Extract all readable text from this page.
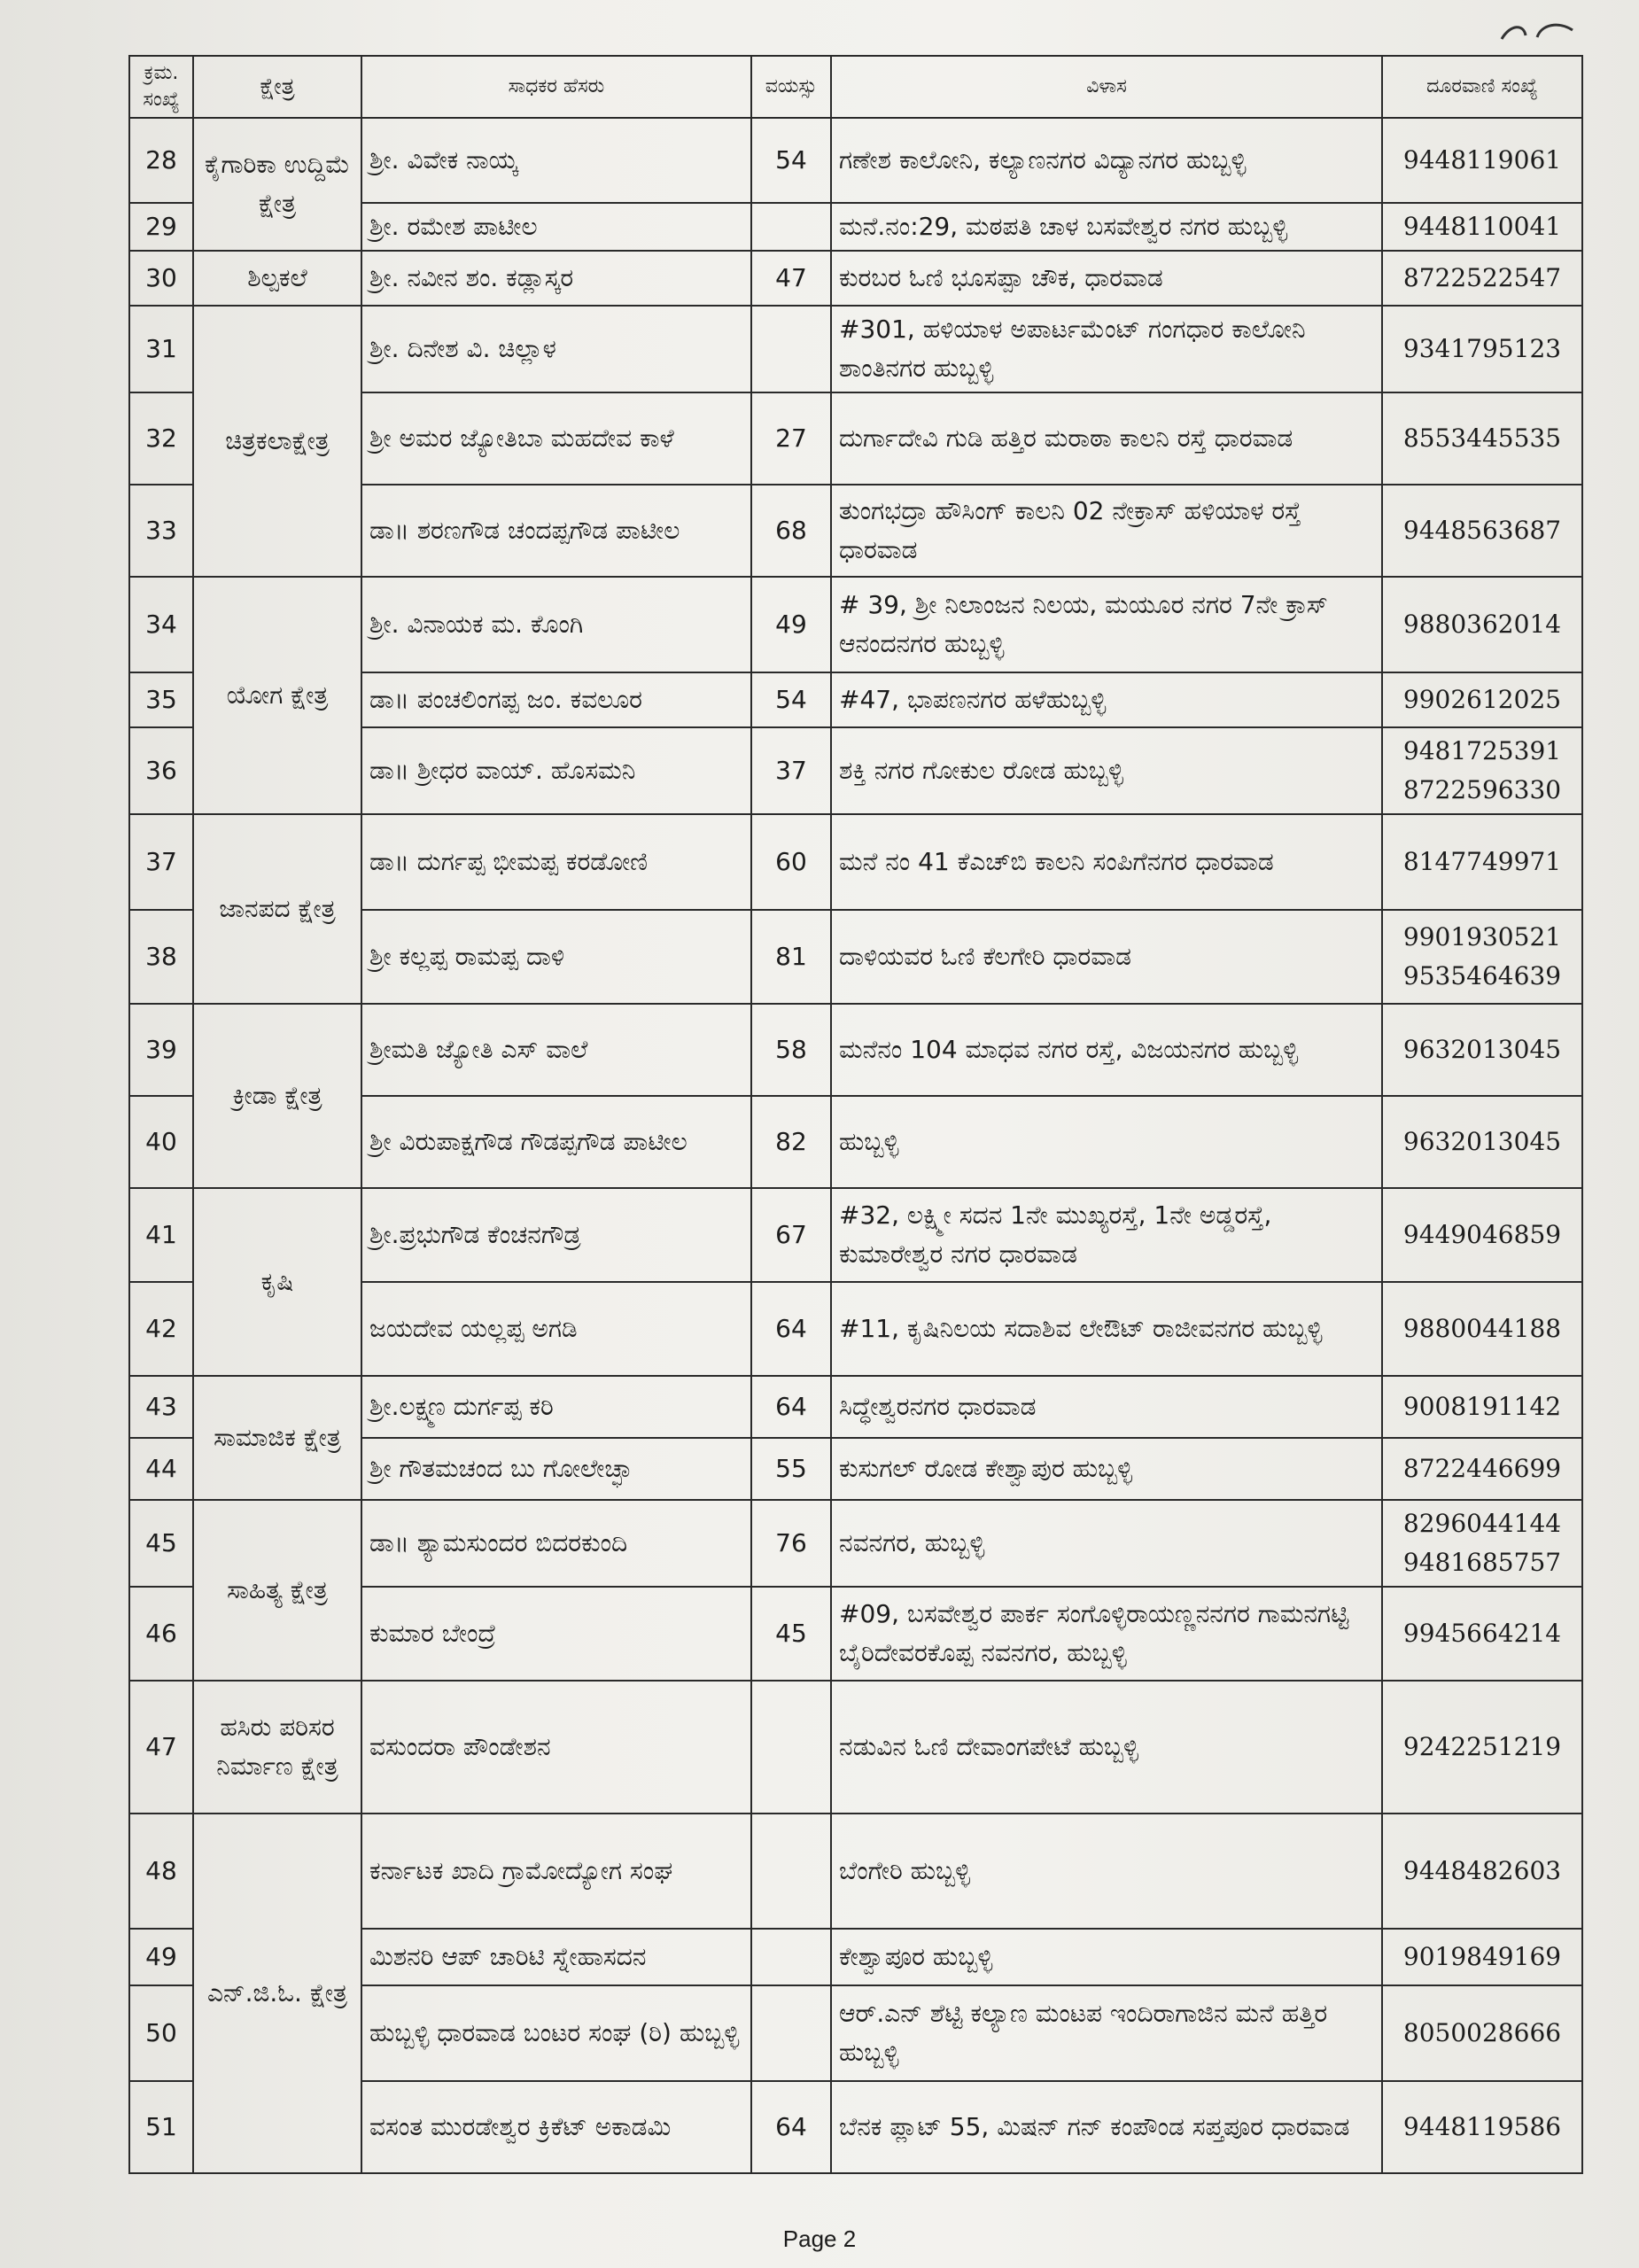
ಕ್ರಮ. ಸಂಖ್ಯೆ	ಕ್ಷೇತ್ರ	ಸಾಧಕರ ಹೆಸರು	ವಯಸ್ಸು	ವಿಳಾಸ	ದೂರವಾಣಿ ಸಂಖ್ಯೆ
28	ಕೈಗಾರಿಕಾ ಉದ್ದಿಮೆ ಕ್ಷೇತ್ರ	ಶ್ರೀ. ವಿವೇಕ ನಾಯ್ಕ	54	ಗಣೇಶ ಕಾಲೋನಿ, ಕಲ್ಯಾಣನಗರ ವಿದ್ಯಾನಗರ ಹುಬ್ಬಳ್ಳಿ	9448119061

29		ಶ್ರೀ. ರಮೇಶ ಪಾಟೀಲ		ಮನೆ.ನಂ:29, ಮಠಪತಿ ಚಾಳ ಬಸವೇಶ್ವರ ನಗರ ಹುಬ್ಬಳ್ಳಿ	9448110041

30	ಶಿಲ್ಪಕಲೆ	ಶ್ರೀ. ನವೀನ ಶಂ. ಕಡ್ಲಾಸ್ಕರ	47	ಕುರಬರ ಓಣಿ ಭೂಸಪ್ಪಾ ಚೌಕ, ಧಾರವಾಡ	8722522547

31	ಚಿತ್ರಕಲಾಕ್ಷೇತ್ರ	ಶ್ರೀ. ದಿನೇಶ ವಿ. ಚಿಲ್ಲಾಳ		#301, ಹಳಿಯಾಳ ಅಪಾರ್ಟಮೆಂಟ್ ಗಂಗಧಾರ ಕಾಲೋನಿ ಶಾಂತಿನಗರ ಹುಬ್ಬಳ್ಳಿ	9341795123

32		ಶ್ರೀ ಅಮರ ಜ್ಯೋತಿಬಾ ಮಹದೇವ ಕಾಳೆ	27	ದುರ್ಗಾದೇವಿ ಗುಡಿ ಹತ್ತಿರ ಮರಾಠಾ ಕಾಲನಿ ರಸ್ತೆ ಧಾರವಾಡ	8553445535

33		ಡಾ॥ ಶರಣಗೌಡ ಚಂದಪ್ಪಗೌಡ ಪಾಟೀಲ	68	ತುಂಗಭದ್ರಾ ಹೌಸಿಂಗ್ ಕಾಲನಿ 02 ನೇಕ್ರಾಸ್ ಹಳಿಯಾಳ ರಸ್ತೆ ಧಾರವಾಡ	9448563687

34	ಯೋಗ ಕ್ಷೇತ್ರ	ಶ್ರೀ. ವಿನಾಯಕ ಮ. ಕೊಂಗಿ	49	# 39, ಶ್ರೀ ನಿಲಾಂಜನ ನಿಲಯ, ಮಯೂರ ನಗರ 7ನೇ ಕ್ರಾಸ್ ಆನಂದನಗರ ಹುಬ್ಬಳ್ಳಿ	9880362014

35		ಡಾ॥ ಪಂಚಲಿಂಗಪ್ಪ ಜಂ. ಕವಲೂರ	54	#47, ಭಾಪಣನಗರ ಹಳೆಹುಬ್ಬಳ್ಳಿ	9902612025

36		ಡಾ॥ ಶ್ರೀಧರ ವಾಯ್. ಹೊಸಮನಿ	37	ಶಕ್ತಿ ನಗರ ಗೋಕುಲ ರೋಡ ಹುಬ್ಬಳ್ಳಿ	9481725391
8722596330

37	ಜಾನಪದ ಕ್ಷೇತ್ರ	ಡಾ॥ ದುರ್ಗಪ್ಪ ಭೀಮಪ್ಪ ಕರಡೋಣಿ	60	ಮನೆ ನಂ 41 ಕೆಎಚ್‌ಬಿ ಕಾಲನಿ ಸಂಪಿಗೆನಗರ ಧಾರವಾಡ	8147749971

38		ಶ್ರೀ ಕಲ್ಲಪ್ಪ ರಾಮಪ್ಪ ದಾಳಿ	81	ದಾಳಿಯವರ ಓಣಿ ಕೆಲಗೇರಿ ಧಾರವಾಡ	9901930521
9535464639

39	ಕ್ರೀಡಾ ಕ್ಷೇತ್ರ	ಶ್ರೀಮತಿ ಜ್ಯೋತಿ ಎಸ್ ವಾಲೆ	58	ಮನೆನಂ 104 ಮಾಧವ ನಗರ ರಸ್ತೆ, ವಿಜಯನಗರ ಹುಬ್ಬಳ್ಳಿ	9632013045

40		ಶ್ರೀ ವಿರುಪಾಕ್ಷಗೌಡ ಗೌಡಪ್ಪಗೌಡ ಪಾಟೀಲ	82	ಹುಬ್ಬಳ್ಳಿ	9632013045

41	ಕೃಷಿ	ಶ್ರೀ.ಪ್ರಭುಗೌಡ ಕೆಂಚನಗೌಡ್ರ	67	#32, ಲಕ್ಷ್ಮೀ ಸದನ 1ನೇ ಮುಖ್ಯರಸ್ತೆ, 1ನೇ ಅಡ್ಡರಸ್ತೆ, ಕುಮಾರೇಶ್ವರ ನಗರ ಧಾರವಾಡ	9449046859

42		ಜಯದೇವ ಯಲ್ಲಪ್ಪ ಅಗಡಿ	64	#11, ಕೃಷಿನಿಲಯ ಸದಾಶಿವ ಲೇಔಟ್ ರಾಜೀವನಗರ ಹುಬ್ಬಳ್ಳಿ	9880044188

43	ಸಾಮಾಜಿಕ ಕ್ಷೇತ್ರ	ಶ್ರೀ.ಲಕ್ಷ್ಮಣ ದುರ್ಗಪ್ಪ ಕರಿ	64	ಸಿದ್ಧೇಶ್ವರನಗರ ಧಾರವಾಡ	9008191142

44		ಶ್ರೀ ಗೌತಮಚಂದ ಬು ಗೋಲೇಚ್ಛಾ	55	ಕುಸುಗಲ್ ರೋಡ ಕೇಶ್ವಾಪುರ ಹುಬ್ಬಳ್ಳಿ	8722446699

45	ಸಾಹಿತ್ಯ ಕ್ಷೇತ್ರ	ಡಾ॥ ಶ್ಯಾಮಸುಂದರ ಬಿದರಕುಂದಿ	76	ನವನಗರ, ಹುಬ್ಬಳ್ಳಿ	8296044144
9481685757

46		ಕುಮಾರ ಬೇಂದ್ರೆ	45	#09, ಬಸವೇಶ್ವರ ಪಾರ್ಕ ಸಂಗೊಳ್ಳಿರಾಯಣ್ಣನನಗರ ಗಾಮನಗಟ್ಟಿ ಬೈರಿದೇವರಕೊಪ್ಪ ನವನಗರ, ಹುಬ್ಬಳ್ಳಿ	9945664214

47	ಹಸಿರು ಪರಿಸರ ನಿರ್ಮಾಣ ಕ್ಷೇತ್ರ	ವಸುಂದರಾ ಪೌಂಡೇಶನ		ನಡುವಿನ ಓಣಿ ದೇವಾಂಗಪೇಟೆ ಹುಬ್ಬಳ್ಳಿ	9242251219

48	ಎನ್.ಜಿ.ಓ. ಕ್ಷೇತ್ರ	ಕರ್ನಾಟಕ ಖಾದಿ ಗ್ರಾಮೋದ್ಯೋಗ ಸಂಘ		ಬೆಂಗೇರಿ ಹುಬ್ಬಳ್ಳಿ	9448482603

49		ಮಿಶನರಿ ಆಪ್ ಚಾರಿಟಿ ಸ್ನೇಹಾಸದನ		ಕೇಶ್ವಾಪೂರ ಹುಬ್ಬಳ್ಳಿ	9019849169

50		ಹುಬ್ಬಳ್ಳಿ ಧಾರವಾಡ ಬಂಟರ ಸಂಘ (ರಿ) ಹುಬ್ಬಳ್ಳಿ		ಆರ್.ಎನ್ ಶೆಟ್ಟಿ ಕಲ್ಯಾಣ ಮಂಟಪ ಇಂದಿರಾಗಾಜಿನ ಮನೆ ಹತ್ತಿರ ಹುಬ್ಬಳ್ಳಿ	8050028666

51		ವಸಂತ ಮುರಡೇಶ್ವರ ಕ್ರಿಕೆಟ್ ಅಕಾಡಮಿ	64	ಬೆನಕ ಪ್ಲಾಟ್ 55, ಮಿಷನ್ ಗನ್ ಕಂಪೌಂಡ ಸಪ್ತಪೂರ ಧಾರವಾಡ	9448119586
Page 2
